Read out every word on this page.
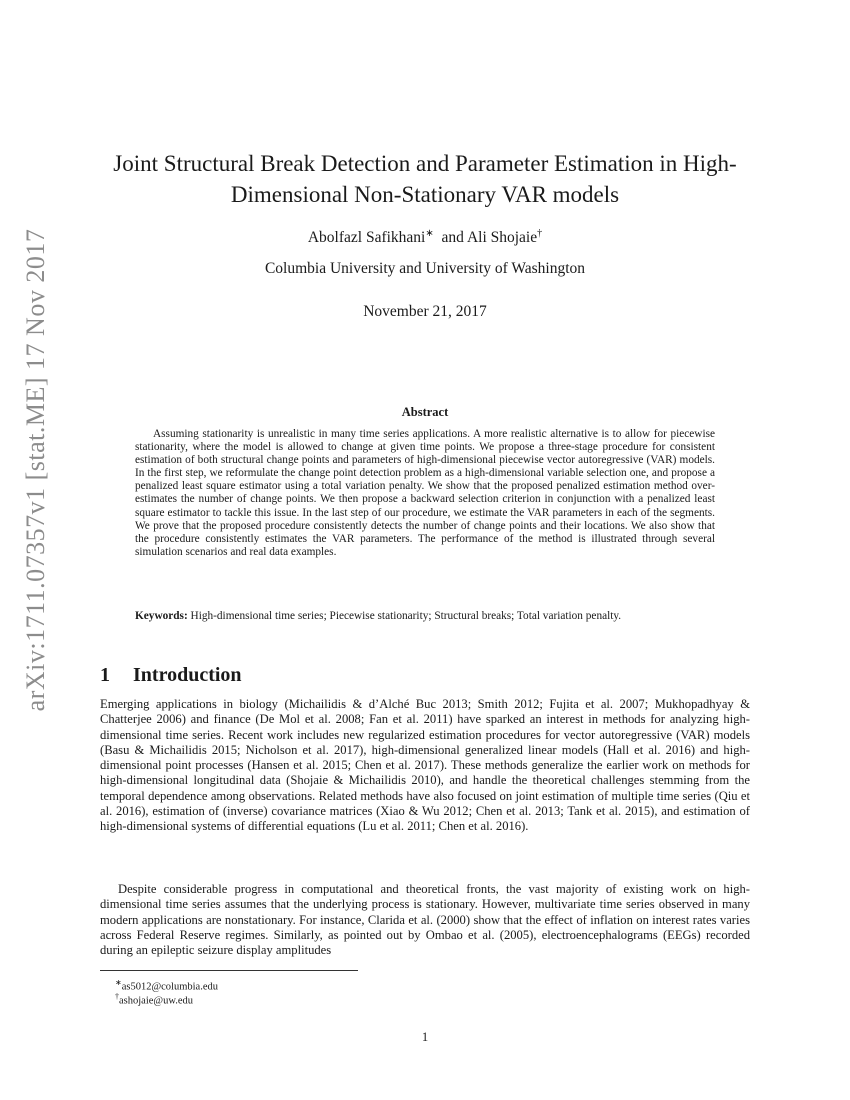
arXiv:1711.07357v1 [stat.ME] 17 Nov 2017
Joint Structural Break Detection and Parameter Estimation in High-Dimensional Non-Stationary VAR models
Abolfazl Safikhani∗ and Ali Shojaie†
Columbia University and University of Washington
November 21, 2017
Abstract

Assuming stationarity is unrealistic in many time series applications. A more realistic alternative is to allow for piecewise stationarity, where the model is allowed to change at given time points. We propose a three-stage procedure for consistent estimation of both structural change points and parameters of high-dimensional piecewise vector autoregressive (VAR) models. In the first step, we reformulate the change point detection problem as a high-dimensional variable selection one, and propose a penalized least square estimator using a total variation penalty. We show that the proposed penalized estimation method over-estimates the number of change points. We then propose a backward selection criterion in conjunction with a penalized least square estimator to tackle this issue. In the last step of our procedure, we estimate the VAR parameters in each of the segments. We prove that the proposed procedure consistently detects the number of change points and their locations. We also show that the procedure consistently estimates the VAR parameters. The performance of the method is illustrated through several simulation scenarios and real data examples.

Keywords: High-dimensional time series; Piecewise stationarity; Structural breaks; Total variation penalty.

1 Introduction

Emerging applications in biology (Michailidis & d’Alché Buc 2013; Smith 2012; Fujita et al. 2007; Mukhopadhyay & Chatterjee 2006) and finance (De Mol et al. 2008; Fan et al. 2011) have sparked an interest in methods for analyzing high-dimensional time series. Recent work includes new regularized estimation procedures for vector autoregressive (VAR) models (Basu & Michailidis 2015; Nicholson et al. 2017), high-dimensional generalized linear models (Hall et al. 2016) and high-dimensional point processes (Hansen et al. 2015; Chen et al. 2017). These methods generalize the earlier work on methods for high-dimensional longitudinal data (Shojaie & Michailidis 2010), and handle the theoretical challenges stemming from the temporal dependence among observations. Related methods have also focused on joint estimation of multiple time series (Qiu et al. 2016), estimation of (inverse) covariance matrices (Xiao & Wu 2012; Chen et al. 2013; Tank et al. 2015), and estimation of high-dimensional systems of differential equations (Lu et al. 2011; Chen et al. 2016).

Despite considerable progress in computational and theoretical fronts, the vast majority of existing work on high-dimensional time series assumes that the underlying process is stationary. However, multivariate time series observed in many modern applications are nonstationary. For instance, Clarida et al. (2000) show that the effect of inflation on interest rates varies across Federal Reserve regimes. Similarly, as pointed out by Ombao et al. (2005), electroencephalograms (EEGs) recorded during an epileptic seizure display amplitudes

∗as5012@columbia.edu
†ashojaie@uw.edu
1
